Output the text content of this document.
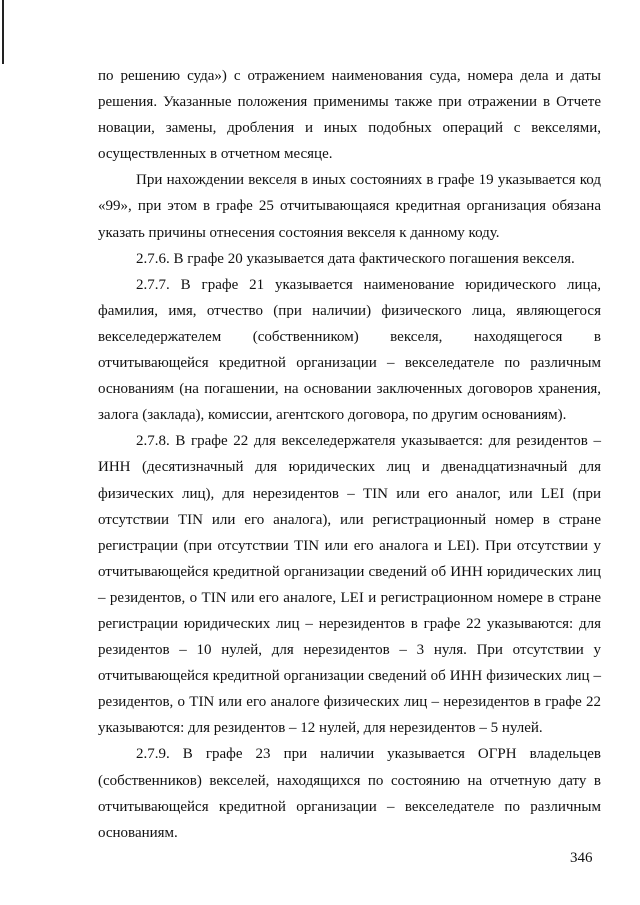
по решению суда») с отражением наименования суда, номера дела и даты решения. Указанные положения применимы также при отражении в Отчете новации, замены, дробления и иных подобных операций с векселями, осуществленных в отчетном месяце.

При нахождении векселя в иных состояниях в графе 19 указывается код «99», при этом в графе 25 отчитывающаяся кредитная организация обязана указать причины отнесения состояния векселя к данному коду.

2.7.6. В графе 20 указывается дата фактического погашения векселя.

2.7.7. В графе 21 указывается наименование юридического лица, фамилия, имя, отчество (при наличии) физического лица, являющегося векселедержателем (собственником) векселя, находящегося в отчитывающейся кредитной организации – векселедателе по различным основаниям (на погашении, на основании заключенных договоров хранения, залога (заклада), комиссии, агентского договора, по другим основаниям).

2.7.8. В графе 22 для векселедержателя указывается: для резидентов – ИНН (десятизначный для юридических лиц и двенадцатизначный для физических лиц), для нерезидентов – TIN или его аналог, или LEI (при отсутствии TIN или его аналога), или регистрационный номер в стране регистрации (при отсутствии TIN или его аналога и LEI). При отсутствии у отчитывающейся кредитной организации сведений об ИНН юридических лиц – резидентов, о TIN или его аналоге, LEI и регистрационном номере в стране регистрации юридических лиц – нерезидентов в графе 22 указываются: для резидентов – 10 нулей, для нерезидентов – 3 нуля. При отсутствии у отчитывающейся кредитной организации сведений об ИНН физических лиц – резидентов, о TIN или его аналоге физических лиц – нерезидентов в графе 22 указываются: для резидентов – 12 нулей, для нерезидентов – 5 нулей.

2.7.9. В графе 23 при наличии указывается ОГРН владельцев (собственников) векселей, находящихся по состоянию на отчетную дату в отчитывающейся кредитной организации – векселедателе по различным основаниям.

346
